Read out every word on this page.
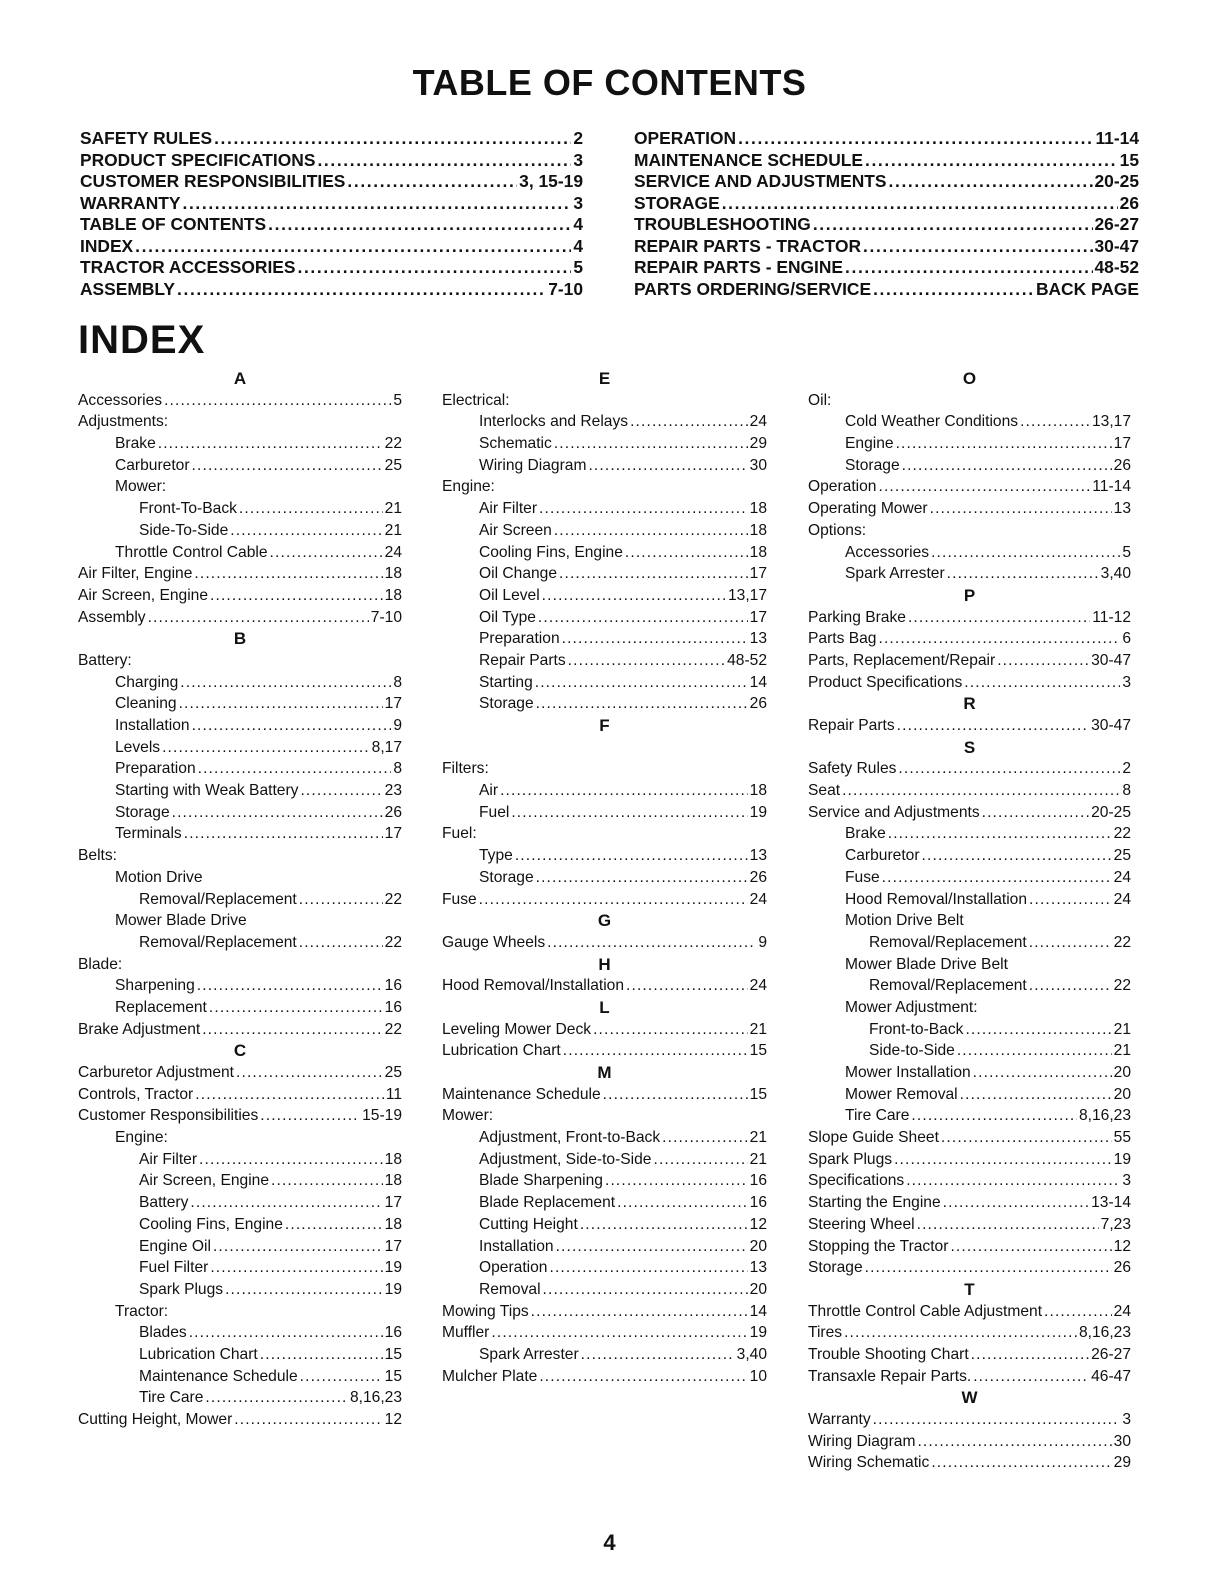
TABLE OF CONTENTS
SAFETY RULES . . .	2
PRODUCT SPECIFICATIONS . . .	3
CUSTOMER RESPONSIBILITIES . . .	3, 15-19
WARRANTY . . .	3
TABLE OF CONTENTS . . .	4
INDEX . . .	4
TRACTOR ACCESSORIES . . .	5
ASSEMBLY . . .	7-10
OPERATION . . .	11-14
MAINTENANCE SCHEDULE . . .	15
SERVICE AND ADJUSTMENTS . . .	20-25
STORAGE . . .	26
TROUBLESHOOTING . . .	26-27
REPAIR PARTS - TRACTOR . . .	30-47
REPAIR PARTS - ENGINE . . .	48-52
PARTS ORDERING/SERVICE . . .	BACK PAGE
INDEX
A
Accessories . . .	5
Adjustments:
Brake . . .	22
Carburetor . . .	25
Mower:
Front-To-Back . . .	21
Side-To-Side . . .	21
Throttle Control Cable . . .	24
Air Filter, Engine . . .	18
Air Screen, Engine . . .	18
Assembly . . .	7-10
B
Battery:
Charging . . .	8
Cleaning . . .	17
Installation . . .	9
Levels . . .	8,17
Preparation . . .	8
Starting with Weak Battery . . .	23
Storage . . .	26
Terminals . . .	17
Belts:
Motion Drive
Removal/Replacement . . .	22
Mower Blade Drive
Removal/Replacement . . .	22
Blade:
Sharpening . . .	16
Replacement . . .	16
Brake Adjustment . . .	22
C
Carburetor Adjustment . . .	25
Controls, Tractor . . .	11
Customer Responsibilities . . .	15-19
Engine:
Air Filter . . .	18
Air Screen, Engine . . .	18
Battery . . .	17
Cooling Fins, Engine . . .	18
Engine Oil . . .	17
Fuel Filter . . .	19
Spark Plugs . . .	19
Tractor:
Blades . . .	16
Lubrication Chart . . .	15
Maintenance Schedule . . .	15
Tire Care . . .	8,16,23
Cutting Height, Mower . . .	12
E
Electrical:
Interlocks and Relays . . .	24
Schematic . . .	29
Wiring Diagram . . .	30
Engine:
Air Filter . . .	18
Air Screen . . .	18
Cooling Fins, Engine . . .	18
Oil Change . . .	17
Oil Level . . .	13,17
Oil Type . . .	17
Preparation . . .	13
Repair Parts . . .	48-52
Starting . . .	14
Storage . . .	26
F
Filters:
Air . . .	18
Fuel . . .	19
Fuel:
Type . . .	13
Storage . . .	26
Fuse . . .	24
G
Gauge Wheels . . .	9
H
Hood Removal/Installation . . .	24
L
Leveling Mower Deck . . .	21
Lubrication Chart . . .	15
M
Maintenance Schedule . . .	15
Mower:
Adjustment, Front-to-Back . . .	21
Adjustment, Side-to-Side . . .	21
Blade Sharpening . . .	16
Blade Replacement . . .	16
Cutting Height . . .	12
Installation . . .	20
Operation . . .	13
Removal . . .	20
Mowing Tips . . .	14
Muffler . . .	19
Spark Arrester . . .	3,40
Mulcher Plate . . .	10
O
Oil:
Cold Weather Conditions . . .	13,17
Engine . . .	17
Storage . . .	26
Operation . . .	11-14
Operating Mower . . .	13
Options:
Accessories . . .	5
Spark Arrester . . .	3,40
P
Parking Brake . . .	11-12
Parts Bag . . .	6
Parts, Replacement/Repair . . .	30-47
Product Specifications . . .	3
R
Repair Parts . . .	30-47
S
Safety Rules . . .	2
Seat . . .	8
Service and Adjustments . . .	20-25
Brake . . .	22
Carburetor . . .	25
Fuse . . .	24
Hood Removal/Installation . . .	24
Motion Drive Belt
Removal/Replacement . . .	22
Mower Blade Drive Belt
Removal/Replacement . . .	22
Mower Adjustment:
Front-to-Back . . .	21
Side-to-Side . . .	21
Mower Installation . . .	20
Mower Removal . . .	20
Tire Care . . .	8,16,23
Slope Guide Sheet . . .	55
Spark Plugs . . .	19
Specifications . . .	3
Starting the Engine . . .	13-14
Steering Wheel . . .	7,23
Stopping the Tractor . . .	12
Storage . . .	26
T
Throttle Control Cable Adjustment . . .	24
Tires . . .	8,16,23
Trouble Shooting Chart . . .	26-27
Transaxle Repair Parts. . . .	46-47
W
Warranty . . .	3
Wiring Diagram . . .	30
Wiring Schematic . . .	29
4
